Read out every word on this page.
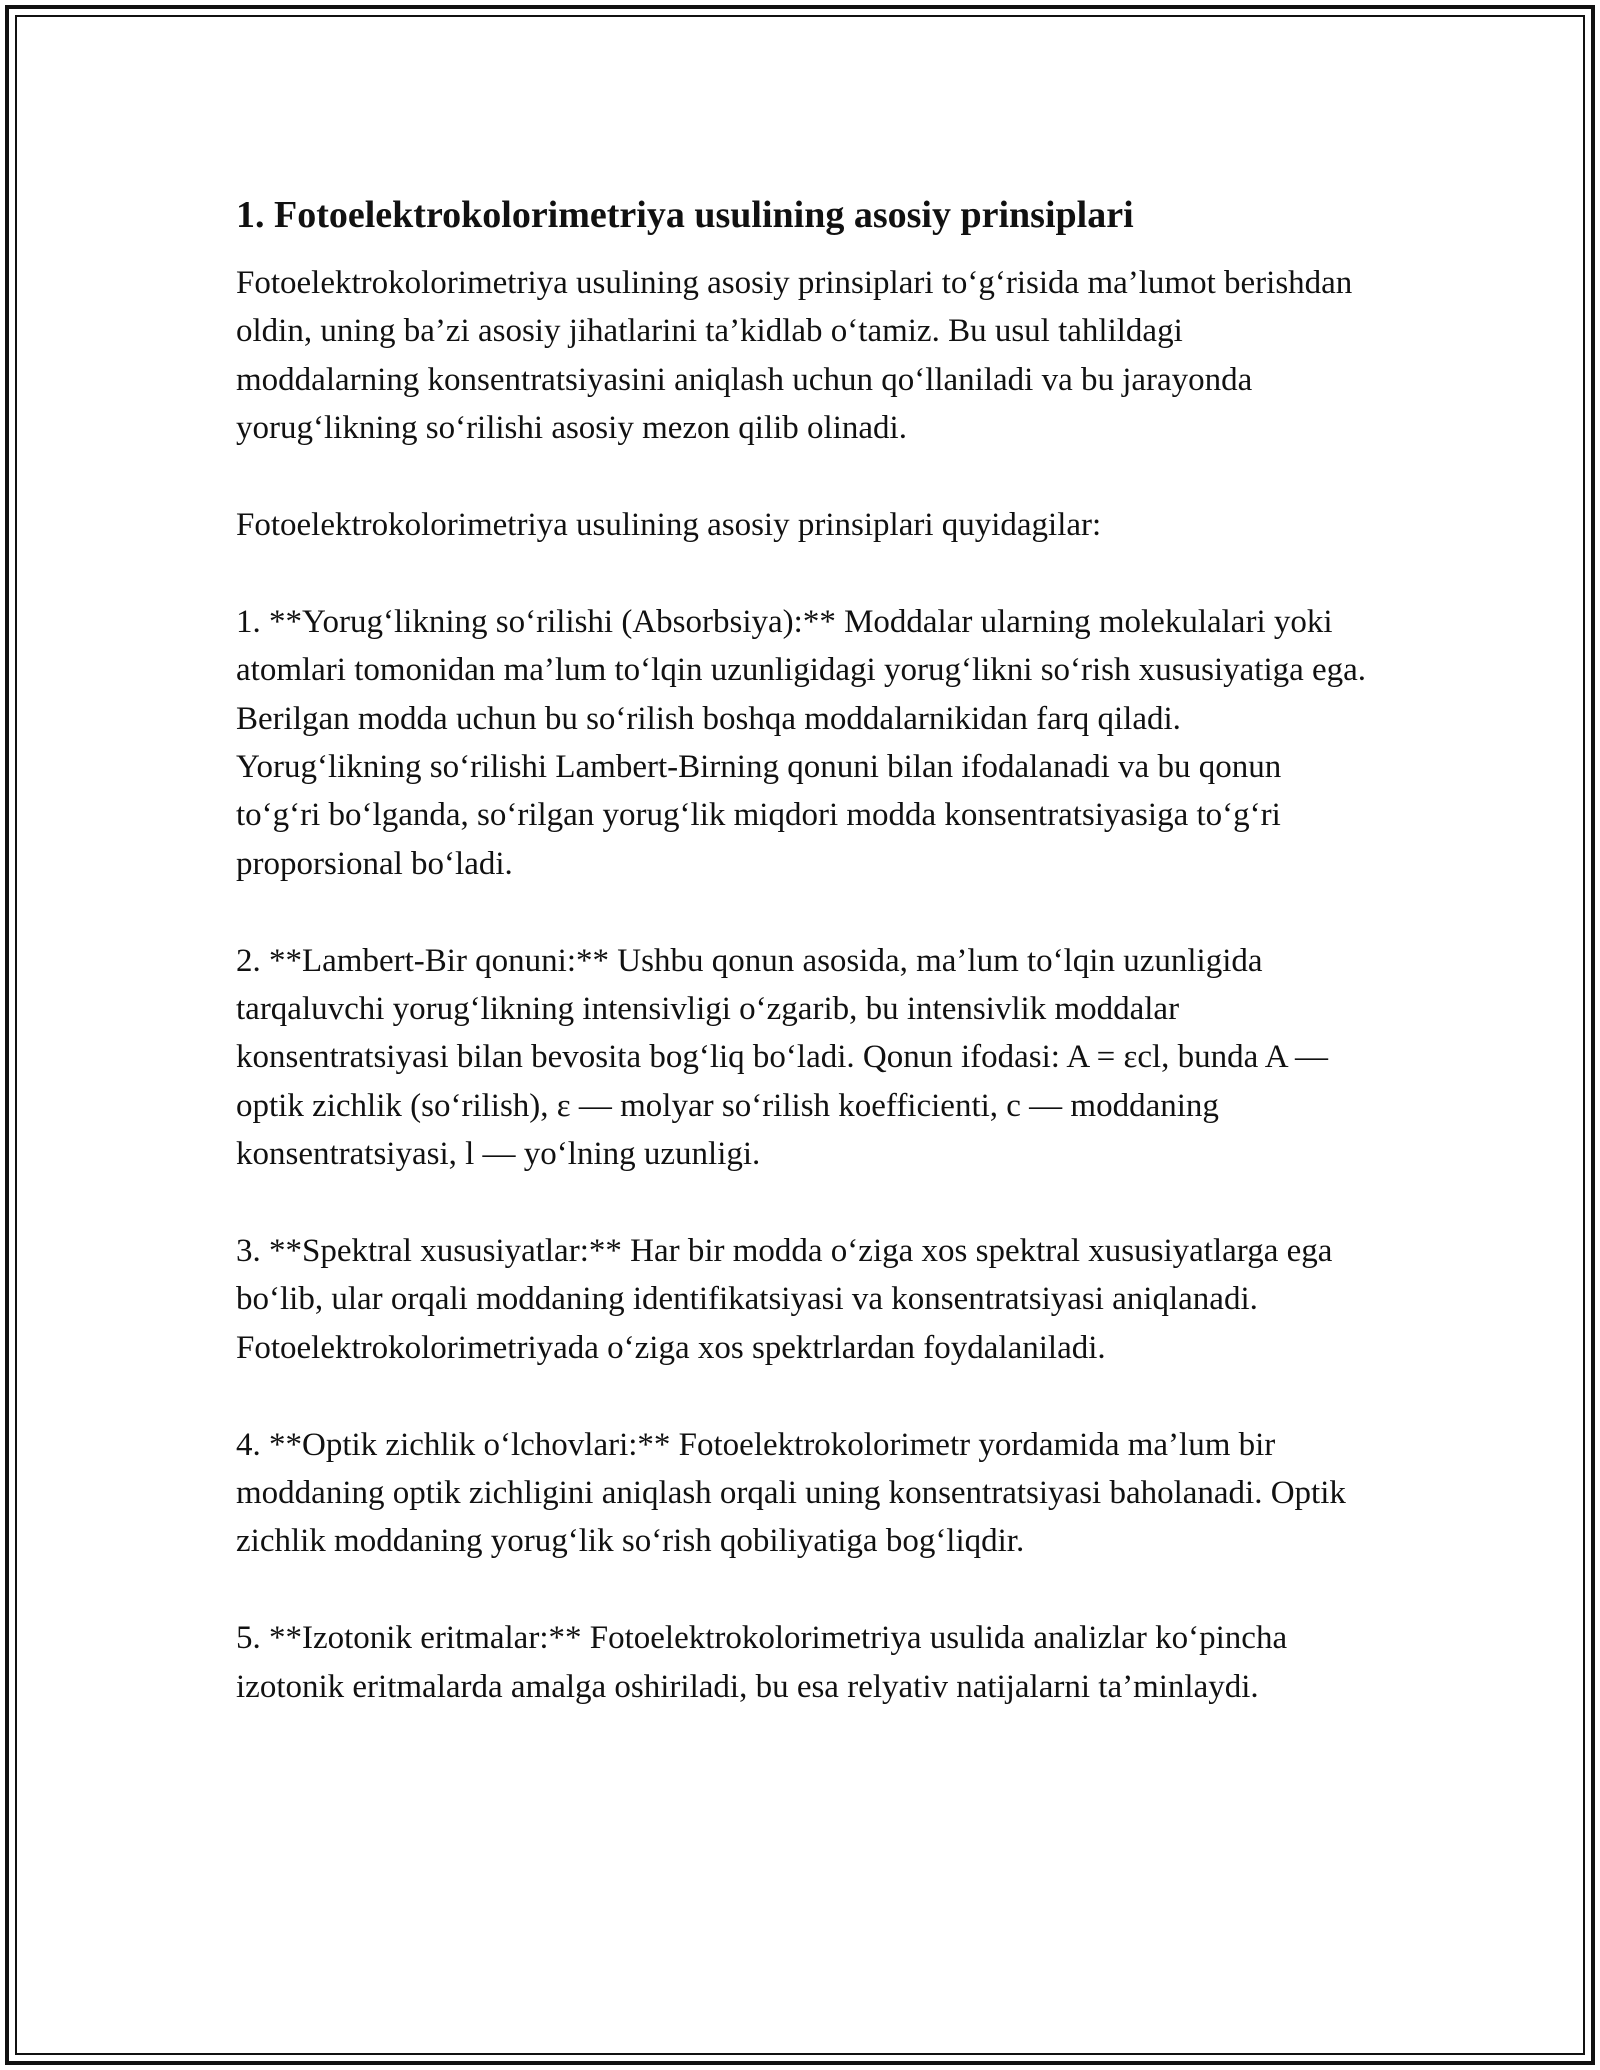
1. Fotoelektrokolorimetriya usulining asosiy prinsiplari

Fotoelektrokolorimetriya usulining asosiy prinsiplari to‘g‘risida ma’lumot berishdan oldin, uning ba’zi asosiy jihatlarini ta’kidlab o‘tamiz. Bu usul tahlildagi moddalarning konsentratsiyasini aniqlash uchun qo‘llaniladi va bu jarayonda yorug‘likning so‘rilishi asosiy mezon qilib olinadi.

Fotoelektrokolorimetriya usulining asosiy prinsiplari quyidagilar:

1. **Yorug‘likning so‘rilishi (Absorbsiya):** Moddalar ularning molekulalari yoki atomlari tomonidan ma’lum to‘lqin uzunligidagi yorug‘likni so‘rish xususiyatiga ega. Berilgan modda uchun bu so‘rilish boshqa moddalarnikidan farq qiladi. Yorug‘likning so‘rilishi Lambert-Birning qonuni bilan ifodalanadi va bu qonun to‘g‘ri bo‘lganda, so‘rilgan yorug‘lik miqdori modda konsentratsiyasiga to‘g‘ri proporsional bo‘ladi.

2. **Lambert-Bir qonuni:** Ushbu qonun asosida, ma’lum to‘lqin uzunligida tarqaluvchi yorug‘likning intensivligi o‘zgarib, bu intensivlik moddalar konsentratsiyasi bilan bevosita bog‘liq bo‘ladi. Qonun ifodasi: A = εcl, bunda A — optik zichlik (so‘rilish), ε — molyar so‘rilish koefficienti, c — moddaning konsentratsiyasi, l — yo‘lning uzunligi.

3. **Spektral xususiyatlar:** Har bir modda o‘ziga xos spektral xususiyatlarga ega bo‘lib, ular orqali moddaning identifikatsiyasi va konsentratsiyasi aniqlanadi. Fotoelektrokolorimetriyada o‘ziga xos spektrlardan foydalaniladi.

4. **Optik zichlik o‘lchovlari:** Fotoelektrokolorimetr yordamida ma’lum bir moddaning optik zichligini aniqlash orqali uning konsentratsiyasi baholanadi. Optik zichlik moddaning yorug‘lik so‘rish qobiliyatiga bog‘liqdir.

5. **Izotonik eritmalar:** Fotoelektrokolorimetriya usulida analizlar ko‘pincha izotonik eritmalarda amalga oshiriladi, bu esa relyativ natijalarni ta’minlaydi.
